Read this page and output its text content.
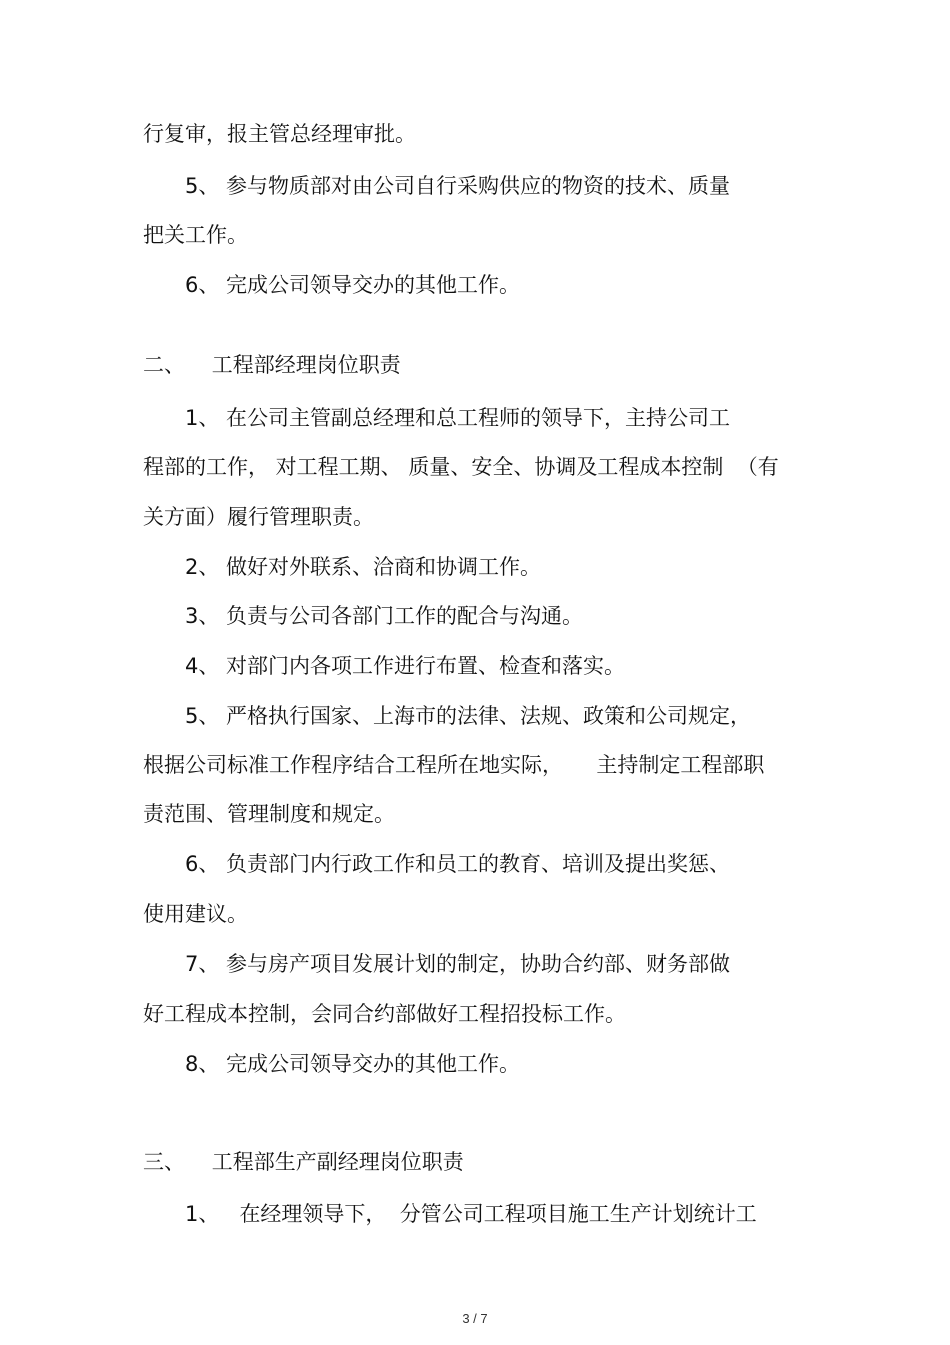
行复审，报主管总经理审批。
5、 参与物质部对由公司自行采购供应的物资的技术、质量
把关工作。
6、 完成公司领导交办的其他工作。
二、    工程部经理岗位职责
1、 在公司主管副总经理和总工程师的领导下，主持公司工
程部的工作， 对工程工期、 质量、安全、协调及工程成本控制  （有
关方面）履行管理职责。
2、 做好对外联系、洽商和协调工作。
3、 负责与公司各部门工作的配合与沟通。
4、 对部门内各项工作进行布置、检查和落实。
5、 严格执行国家、上海市的法律、法规、政策和公司规定，
根据公司标准工作程序结合工程所在地实际，     主持制定工程部职
责范围、管理制度和规定。
6、 负责部门内行政工作和员工的教育、培训及提出奖惩、
使用建议。
7、 参与房产项目发展计划的制定，协助合约部、财务部做
好工程成本控制，会同合约部做好工程招投标工作。
8、 完成公司领导交办的其他工作。
三、    工程部生产副经理岗位职责
1、   在经理领导下，  分管公司工程项目施工生产计划统计工
3 / 7
